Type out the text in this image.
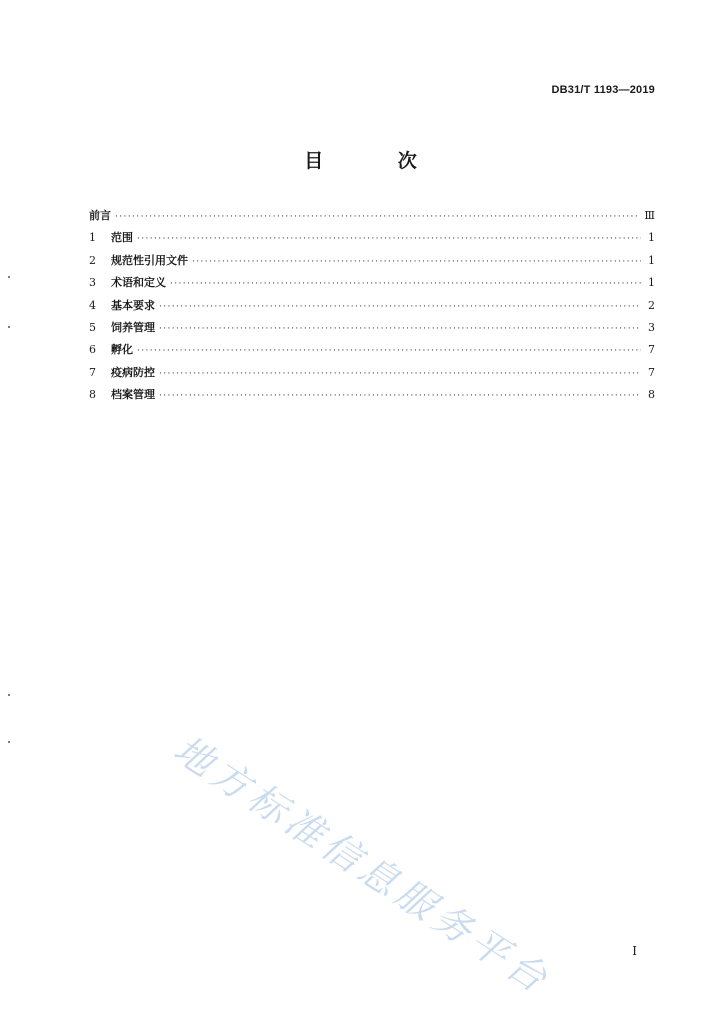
DB31/T 1193—2019
目 次
前言 ·····	Ⅲ
1	范围 ·····	1
2	规范性引用文件 ·····	1
3	术语和定义 ·····	1
4	基本要求 ·····	2
5	饲养管理 ·····	3
6	孵化 ·····	7
7	疫病防控 ·····	7
8	档案管理 ·····	8
地方标准信息服务平台	I
